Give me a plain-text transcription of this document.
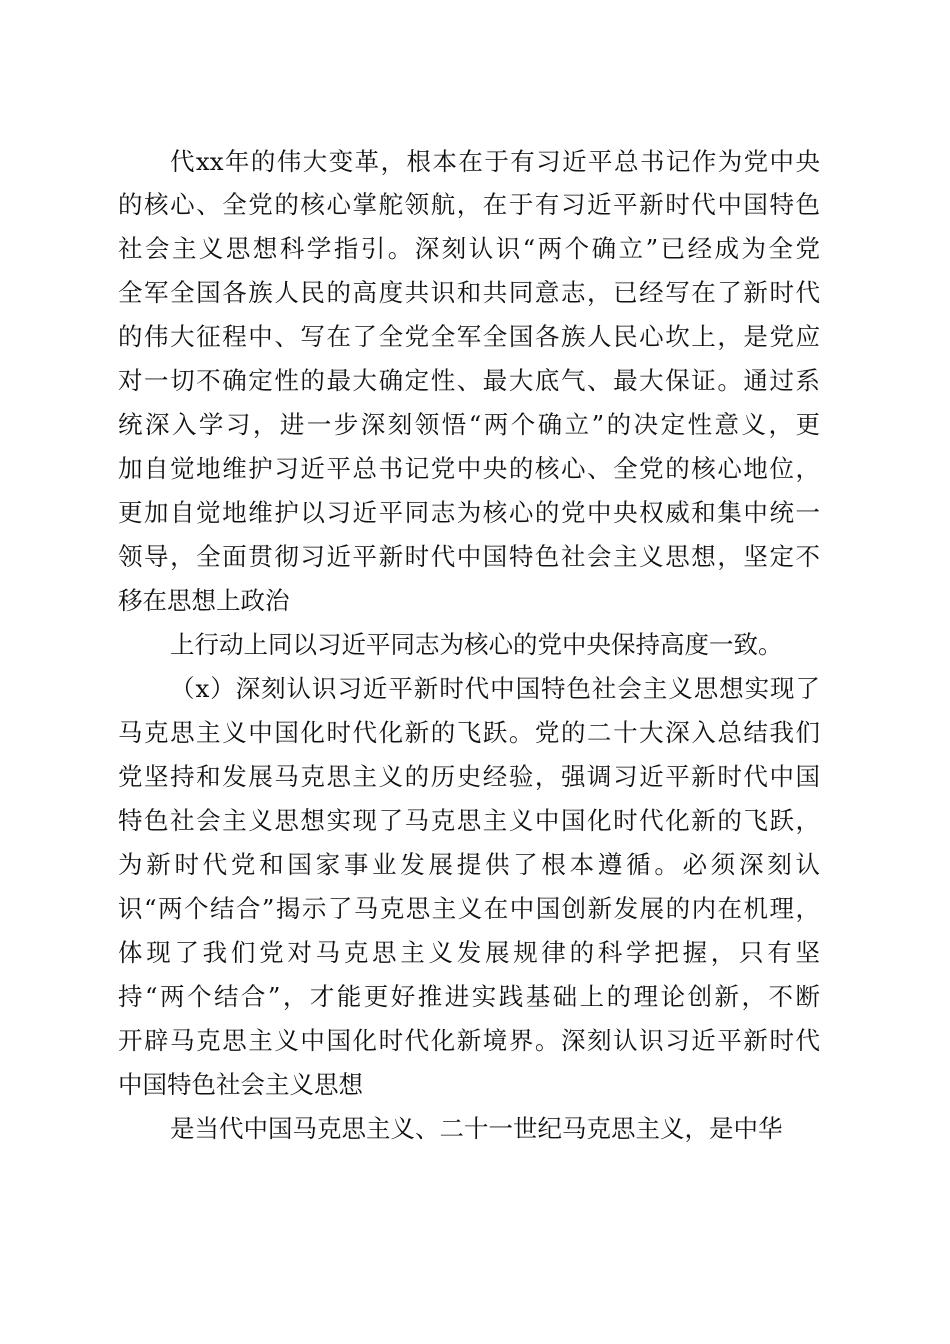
代xx年的伟大变革，根本在于有习近平总书记作为党中央
的核心、全党的核心掌舵领航，在于有习近平新时代中国特色
社会主义思想科学指引。深刻认识“两个确立”已经成为全党
全军全国各族人民的高度共识和共同意志，已经写在了新时代
的伟大征程中、写在了全党全军全国各族人民心坎上，是党应
对一切不确定性的最大确定性、最大底气、最大保证。通过系
统深入学习，进一步深刻领悟“两个确立”的决定性意义，更
加自觉地维护习近平总书记党中央的核心、全党的核心地位，
更加自觉地维护以习近平同志为核心的党中央权威和集中统一
领导，全面贯彻习近平新时代中国特色社会主义思想，坚定不
移在思想上政治
上行动上同以习近平同志为核心的党中央保持高度一致。
（x）深刻认识习近平新时代中国特色社会主义思想实现了
马克思主义中国化时代化新的飞跃。党的二十大深入总结我们
党坚持和发展马克思主义的历史经验，强调习近平新时代中国
特色社会主义思想实现了马克思主义中国化时代化新的飞跃，
为新时代党和国家事业发展提供了根本遵循。必须深刻认
识“两个结合”揭示了马克思主义在中国创新发展的内在机理，
体现了我们党对马克思主义发展规律的科学把握，只有坚
持“两个结合”，才能更好推进实践基础上的理论创新，不断
开辟马克思主义中国化时代化新境界。深刻认识习近平新时代
中国特色社会主义思想
是当代中国马克思主义、二十一世纪马克思主义，是中华
